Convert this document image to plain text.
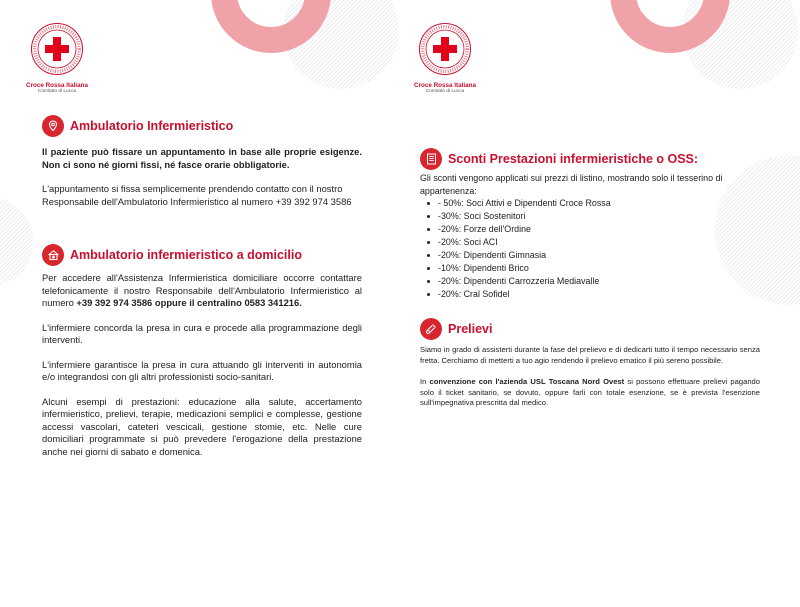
Croce Rossa Italiana
Comitato di Lucca
Ambulatorio Infermieristico

Il paziente può fissare un appuntamento in base alle proprie esigenze. Non ci sono né giorni fissi, né fasce orarie obbligatorie.

L'appuntamento si fissa semplicemente prendendo contatto con il nostro Responsabile dell'Ambulatorio Infermieristico al numero +39 392 974 3586

Ambulatorio infermieristico a domicilio

Per accedere all'Assistenza Infermieristica domiciliare occorre contattare telefonicamente il nostro Responsabile dell'Ambulatorio Infermieristico al numero +39 392 974 3586 oppure il centralino 0583 341216.

L'infermiere concorda la presa in cura e procede alla programmazione degli interventi.

L'infermiere garantisce la presa in cura attuando gli interventi in autonomia e/o integrandosi con gli altri professionisti socio-sanitari.

Alcuni esempi di prestazioni: educazione alla salute, accertamento infermieristico, prelievi, terapie, medicazioni semplici e complesse, gestione accessi vascolari, cateteri vescicali, gestione stomie, etc. Nelle cure domiciliari programmate si può prevedere l'erogazione della prestazione anche nei giorni di sabato e domenica.

Croce Rossa Italiana
Comitato di Lucca
Sconti Prestazioni infermieristiche o OSS:

Gli sconti vengono applicati sui prezzi di listino, mostrando solo il tesserino di appartenenza:

- 50%: Soci Attivi e Dipendenti Croce Rossa
-30%: Soci Sostenitori
-20%: Forze dell'Ordine
-20%: Soci ACI
-20%: Dipendenti Gimnasia
-10%: Dipendenti Brico
-20%: Dipendenti Carrozzeria Mediavalle
-20%: Cral Sofidel
Prelievi

Siamo in grado di assisterti durante la fase del prelievo e di dedicarti tutto il tempo necessario senza fretta. Cerchiamo di metterti a tuo agio rendendo il prelievo ematico il più sereno possibile.

In convenzione con l'azienda USL Toscana Nord Ovest si possono effettuare prelievi pagando solo il ticket sanitario, se dovuto, oppure farli con totale esenzione, se è prevista l'esenzione sull'impegnativa prescritta dal medico.
